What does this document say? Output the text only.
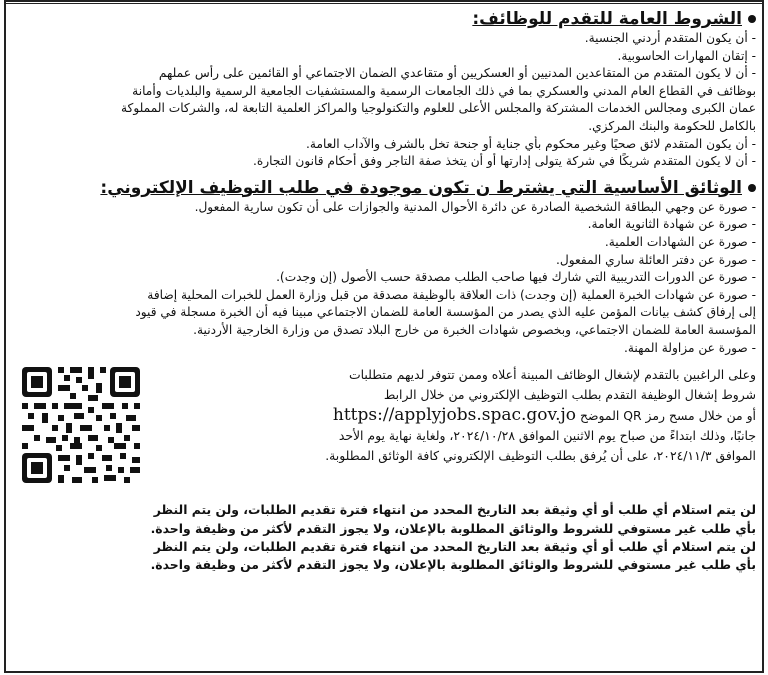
الشروط العامة للتقدم للوظائف:
- أن يكون المتقدم أردني الجنسية.
- إتقان المهارات الحاسوبية.
- أن لا يكون المتقدم من المتقاعدين المدنيين أو العسكريين أو متقاعدي الضمان الاجتماعي أو القائمين على رأس عملهم
بوظائف في القطاع العام المدني والعسكري بما في ذلك الجامعات الرسمية والمستشفيات الجامعية الرسمية والبلديات وأمانة
عمان الكبرى ومجالس الخدمات المشتركة والمجلس الأعلى للعلوم والتكنولوجيا والمراكز العلمية التابعة له، والشركات المملوكة
بالكامل للحكومة والبنك المركزي.
- أن يكون المتقدم لائق صحيًا وغير محكوم بأي جناية أو جنحة تخل بالشرف والآداب العامة.
- أن لا يكون المتقدم شريكًا في شركة يتولى إدارتها أو أن يتخذ صفة التاجر وفق أحكام قانون التجارة.
الوثائق الأساسية التي يشترط ن تكون موجودة في طلب التوظيف الإلكتروني:
- صورة عن وجهي البطاقة الشخصية الصادرة عن دائرة الأحوال المدنية والجوازات على أن تكون سارية المفعول.
- صورة عن شهادة الثانوية العامة.
- صورة عن الشهادات العلمية.
- صورة عن دفتر العائلة ساري المفعول.
- صورة عن الدورات التدريبية التي شارك فيها صاحب الطلب مصدقة حسب الأصول (إن وجدت).
- صورة عن شهادات الخبرة العملية (إن وجدت) ذات العلاقة بالوظيفة مصدقة من قبل وزارة العمل للخبرات المحلية إضافة
إلى إرفاق كشف بيانات المؤمن عليه الذي يصدر من المؤسسة العامة للضمان الاجتماعي مبينا فيه أن الخبرة مسجلة في قيود
المؤسسة العامة للضمان الاجتماعي، وبخصوص شهادات الخبرة من خارج البلاد تصدق من وزارة الخارجية الأردنية.
- صورة عن مزاولة المهنة.
وعلى الراغبين بالتقدم لإشغال الوظائف المبينة أعلاه وممن تتوفر لديهم متطلبات
شروط إشغال الوظيفة التقدم بطلب التوظيف الإلكتروني من خلال الرابط
أو من خلال مسح رمز QR الموضح https://applyjobs.spac.gov.jo
جانبًا، وذلك ابتداءً من صباح يوم الاثنين الموافق ٢٠٢٤/١٠/٢٨، ولغاية نهاية يوم الأحد
الموافق ٢٠٢٤/١١/٣، على أن يُرفق بطلب التوظيف الإلكتروني كافة الوثائق المطلوبة.
لن يتم استلام أي طلب أو أي وثيقة بعد التاريخ المحدد من انتهاء فترة تقديم الطلبات، ولن يتم النظر
بأي طلب غير مستوفي للشروط والوثائق المطلوبة بالإعلان، ولا يجوز التقدم لأكثر من وظيفة واحدة.
لن يتم استلام أي طلب أو أي وثيقة بعد التاريخ المحدد من انتهاء فترة تقديم الطلبات، ولن يتم النظر
بأي طلب غير مستوفي للشروط والوثائق المطلوبة بالإعلان، ولا يجوز التقدم لأكثر من وظيفة واحدة.
